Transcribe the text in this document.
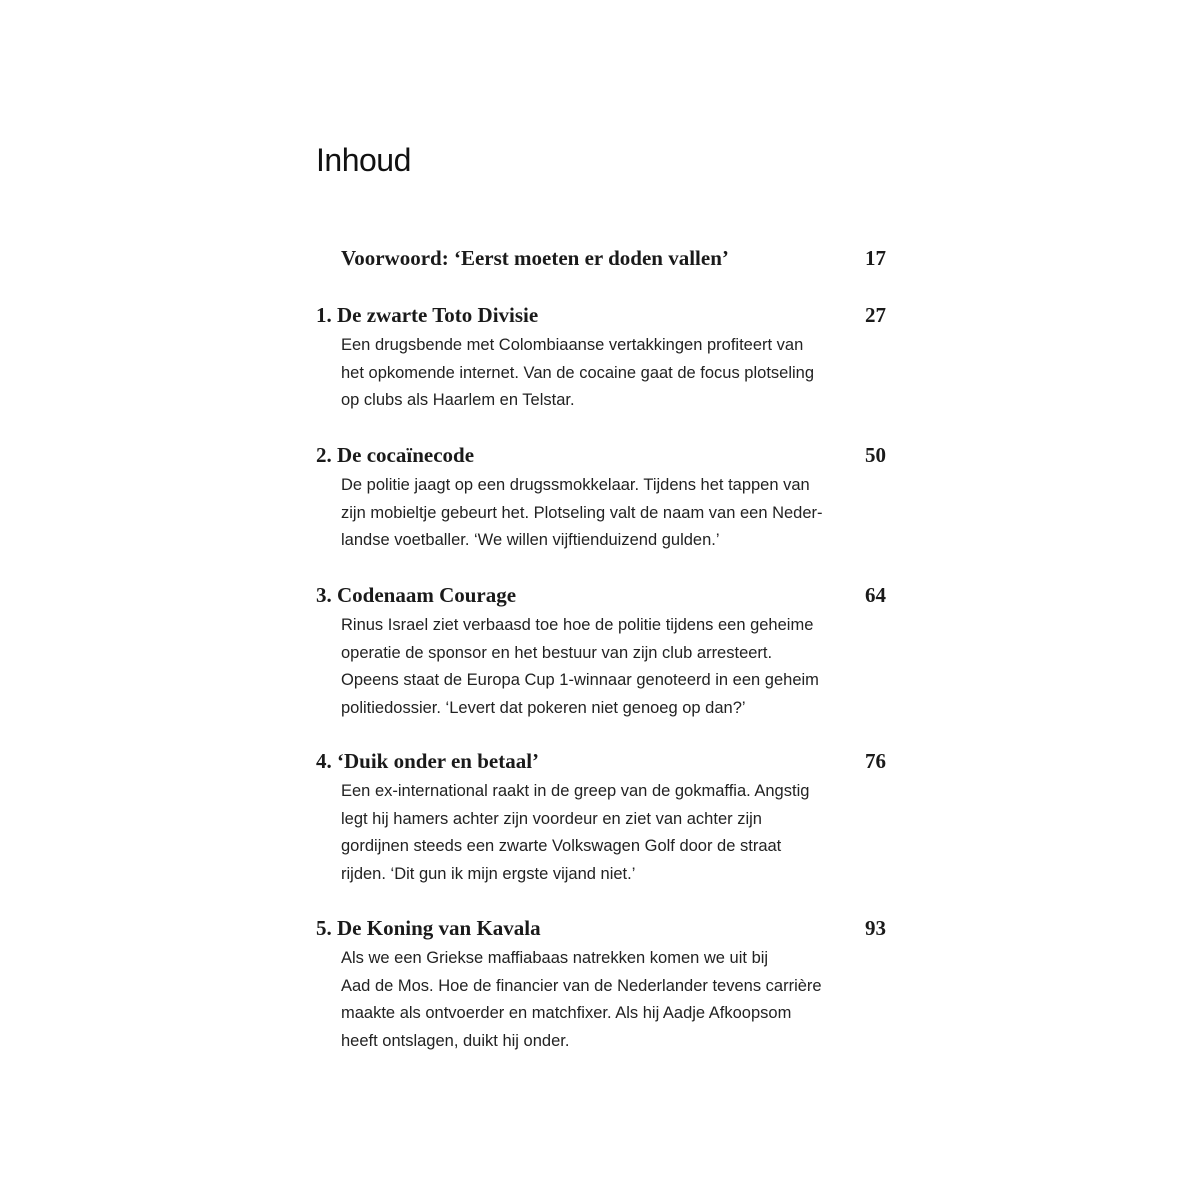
Inhoud
Voorwoord: ‘Eerst moeten er doden vallen’	17
1. De zwarte Toto Divisie	27
Een drugsbende met Colombiaanse vertakkingen profiteert van
het opkomende internet. Van de cocaine gaat de focus plotseling
op clubs als Haarlem en Telstar.
2. De cocaïnecode	50
De politie jaagt op een drugssmokkelaar. Tijdens het tappen van
zijn mobieltje gebeurt het. Plotseling valt de naam van een Neder-
landse voetballer. ‘We willen vijftienduizend gulden.’
3. Codenaam Courage	64
Rinus Israel ziet verbaasd toe hoe de politie tijdens een geheime
operatie de sponsor en het bestuur van zijn club arresteert.
Opeens staat de Europa Cup 1-winnaar genoteerd in een geheim
politiedossier. ‘Levert dat pokeren niet genoeg op dan?’
4. ‘Duik onder en betaal’	76
Een ex-international raakt in de greep van de gokmaffia. Angstig
legt hij hamers achter zijn voordeur en ziet van achter zijn
gordijnen steeds een zwarte Volkswagen Golf door de straat
rijden. ‘Dit gun ik mijn ergste vijand niet.’
5. De Koning van Kavala	93
Als we een Griekse maffiabaas natrekken komen we uit bij
Aad de Mos. Hoe de financier van de Nederlander tevens carrière
maakte als ontvoerder en matchfixer. Als hij Aadje Afkoopsom
heeft ontslagen, duikt hij onder.
